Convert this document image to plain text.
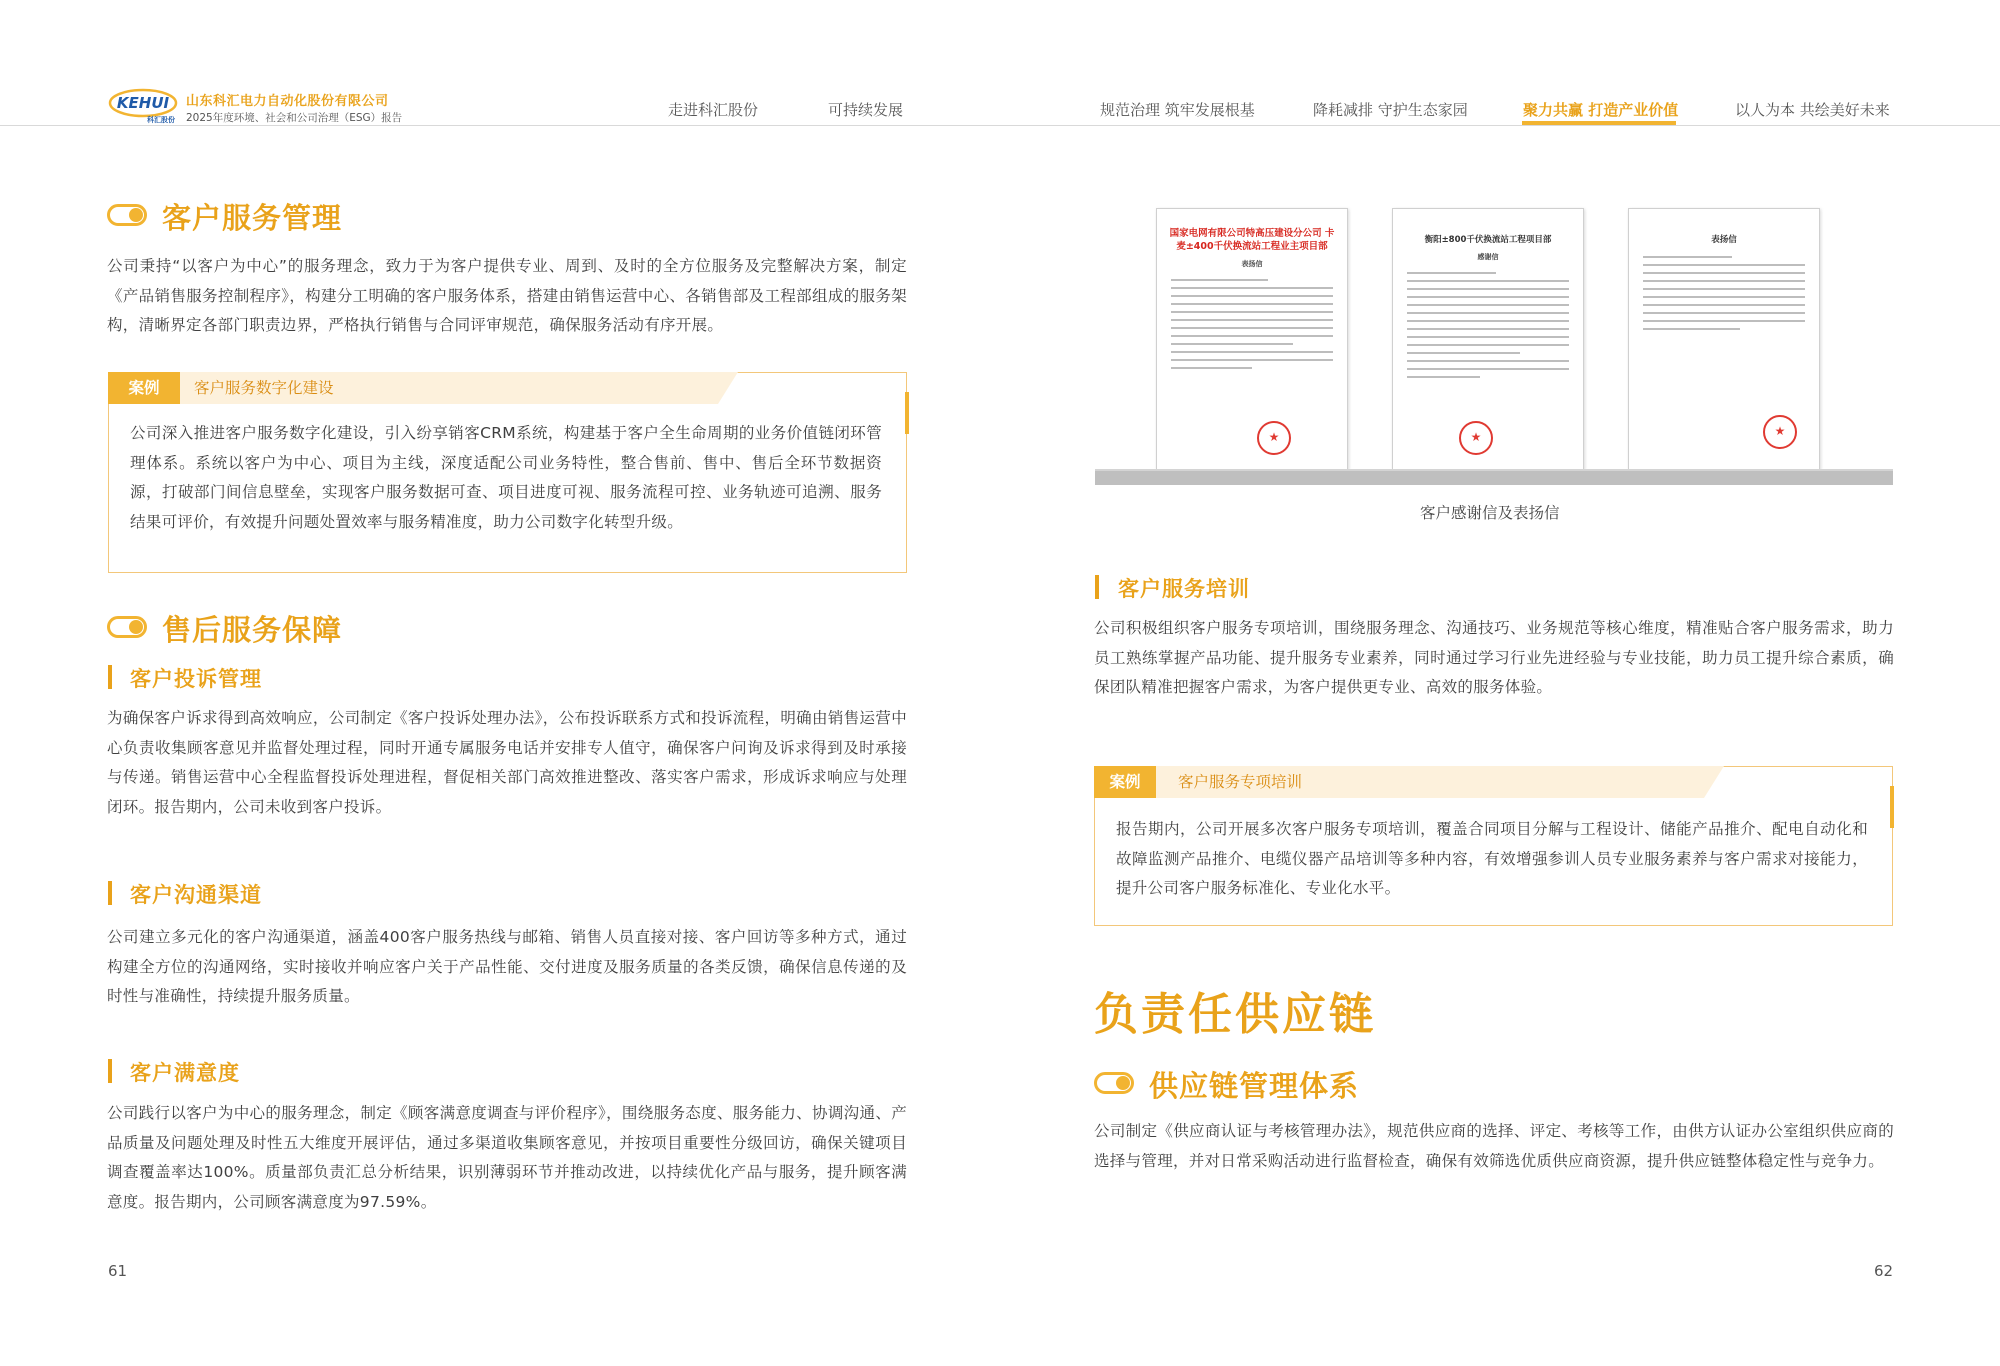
KEHUI
科汇股份
山东科汇电力自动化股份有限公司
2025年度环境、社会和公司治理（ESG）报告	走进科汇股份	可持续发展	规范治理 筑牢发展根基	降耗减排 守护生态家园	聚力共赢 打造产业价值	以人为本 共绘美好未来
客户服务管理
公司秉持“以客户为中心”的服务理念，致力于为客户提供专业、周到、及时的全方位服务及完整解决方案，制定《产品销售服务控制程序》，构建分工明确的客户服务体系，搭建由销售运营中心、各销售部及工程部组成的服务架构，清晰界定各部门职责边界，严格执行销售与合同评审规范，确保服务活动有序开展。
案例	客户服务数字化建设
公司深入推进客户服务数字化建设，引入纷享销客CRM系统，构建基于客户全生命周期的业务价值链闭环管理体系。系统以客户为中心、项目为主线，深度适配公司业务特性，整合售前、售中、售后全环节数据资源，打破部门间信息壁垒，实现客户服务数据可查、项目进度可视、服务流程可控、业务轨迹可追溯、服务结果可评价，有效提升问题处置效率与服务精准度，助力公司数字化转型升级。
售后服务保障
客户投诉管理
为确保客户诉求得到高效响应，公司制定《客户投诉处理办法》，公布投诉联系方式和投诉流程，明确由销售运营中心负责收集顾客意见并监督处理过程，同时开通专属服务电话并安排专人值守，确保客户问询及诉求得到及时承接与传递。销售运营中心全程监督投诉处理进程，督促相关部门高效推进整改、落实客户需求，形成诉求响应与处理闭环。报告期内，公司未收到客户投诉。
客户沟通渠道
公司建立多元化的客户沟通渠道，涵盖400客户服务热线与邮箱、销售人员直接对接、客户回访等多种方式，通过构建全方位的沟通网络，实时接收并响应客户关于产品性能、交付进度及服务质量的各类反馈，确保信息传递的及时性与准确性，持续提升服务质量。
客户满意度
公司践行以客户为中心的服务理念，制定《顾客满意度调查与评价程序》，围绕服务态度、服务能力、协调沟通、产品质量及问题处理及时性五大维度开展评估，通过多渠道收集顾客意见，并按项目重要性分级回访，确保关键项目调查覆盖率达100%。质量部负责汇总分析结果，识别薄弱环节并推动改进，以持续优化产品与服务，提升顾客满意度。报告期内，公司顾客满意度为97.59%。
61
国家电网有限公司特高压建设分公司 卡麦±400千伏换流站工程业主项目部
表扬信
★
衡阳±800千伏换流站工程项目部
感谢信
★
表扬信
★
客户感谢信及表扬信
客户服务培训
公司积极组织客户服务专项培训，围绕服务理念、沟通技巧、业务规范等核心维度，精准贴合客户服务需求，助力员工熟练掌握产品功能、提升服务专业素养，同时通过学习行业先进经验与专业技能，助力员工提升综合素质，确保团队精准把握客户需求，为客户提供更专业、高效的服务体验。
案例	客户服务专项培训
报告期内，公司开展多次客户服务专项培训，覆盖合同项目分解与工程设计、储能产品推介、配电自动化和故障监测产品推介、电缆仪器产品培训等多种内容，有效增强参训人员专业服务素养与客户需求对接能力，提升公司客户服务标准化、专业化水平。
负责任供应链
供应链管理体系
公司制定《供应商认证与考核管理办法》，规范供应商的选择、评定、考核等工作，由供方认证办公室组织供应商的选择与管理，并对日常采购活动进行监督检查，确保有效筛选优质供应商资源，提升供应链整体稳定性与竞争力。
62
